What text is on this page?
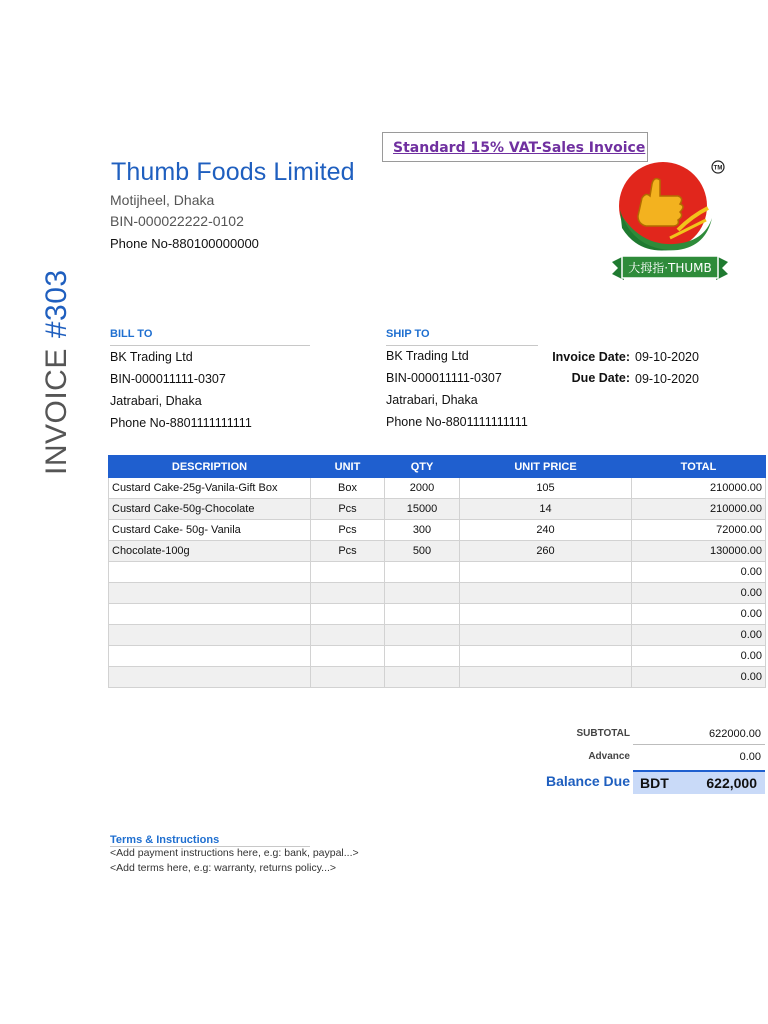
Standard 15% VAT-Sales Invoice
Thumb Foods Limited
Motijheel, Dhaka
BIN-000022222-0102
Phone No-880100000000
TM
大拇指·THUMB
INVOICE#303	BILL TO
BK Trading Ltd
BIN-000011111-0307
Jatrabari, Dhaka
Phone No-8801111111111
SHIP TO
BK Trading Ltd
BIN-000011111-0307
Jatrabari, Dhaka
Phone No-8801111111111
Invoice Date: 09-10-2020
Due Date: 09-10-2020
DESCRIPTION	UNIT	QTY	UNIT PRICE	TOTAL
Custard Cake-25g-Vanila-Gift Box	Box	2000	105	210000.00
Custard Cake-50g-Chocolate	Pcs	15000	14	210000.00
Custard Cake- 50g- Vanila	Pcs	300	240	72000.00
Chocolate-100g	Pcs	500	260	130000.00
				0.00
				0.00
				0.00
				0.00
				0.00
				0.00
SUBTOTAL	622000.00
Advance	0.00
Balance Due BDT	622,000
Terms & Instructions
<Add payment instructions here, e.g: bank, paypal...>
<Add terms here, e.g: warranty, returns policy...>
